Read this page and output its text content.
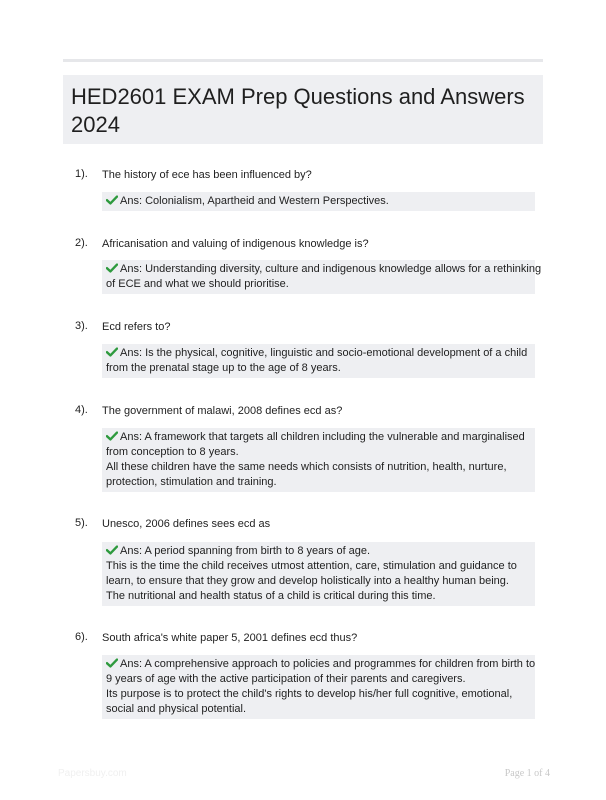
HED2601 EXAM Prep Questions and Answers 2024
1). The history of ece has been influenced by?
Ans: Colonialism, Apartheid and Western Perspectives.
2). Africanisation and valuing of indigenous knowledge is?
Ans: Understanding diversity, culture and indigenous knowledge allows for a rethinking
of ECE and what we should prioritise.
3). Ecd refers to?
Ans: Is the physical, cognitive, linguistic and socio-emotional development of a child
from the prenatal stage up to the age of 8 years.
4). The government of malawi, 2008 defines ecd as?
Ans: A framework that targets all children including the vulnerable and marginalised
from conception to 8 years.
All these children have the same needs which consists of nutrition, health, nurture,
protection, stimulation and training.
5). Unesco, 2006 defines sees ecd as
Ans: A period spanning from birth to 8 years of age.
This is the time the child receives utmost attention, care, stimulation and guidance to
learn, to ensure that they grow and develop holistically into a healthy human being.
The nutritional and health status of a child is critical during this time.
6). South africa's white paper 5, 2001 defines ecd thus?
Ans: A comprehensive approach to policies and programmes for children from birth to
9 years of age with the active participation of their parents and caregivers.
Its purpose is to protect the child's rights to develop his/her full cognitive, emotional,
social and physical potential.
Papersbuy.com	Page 1 of 4
